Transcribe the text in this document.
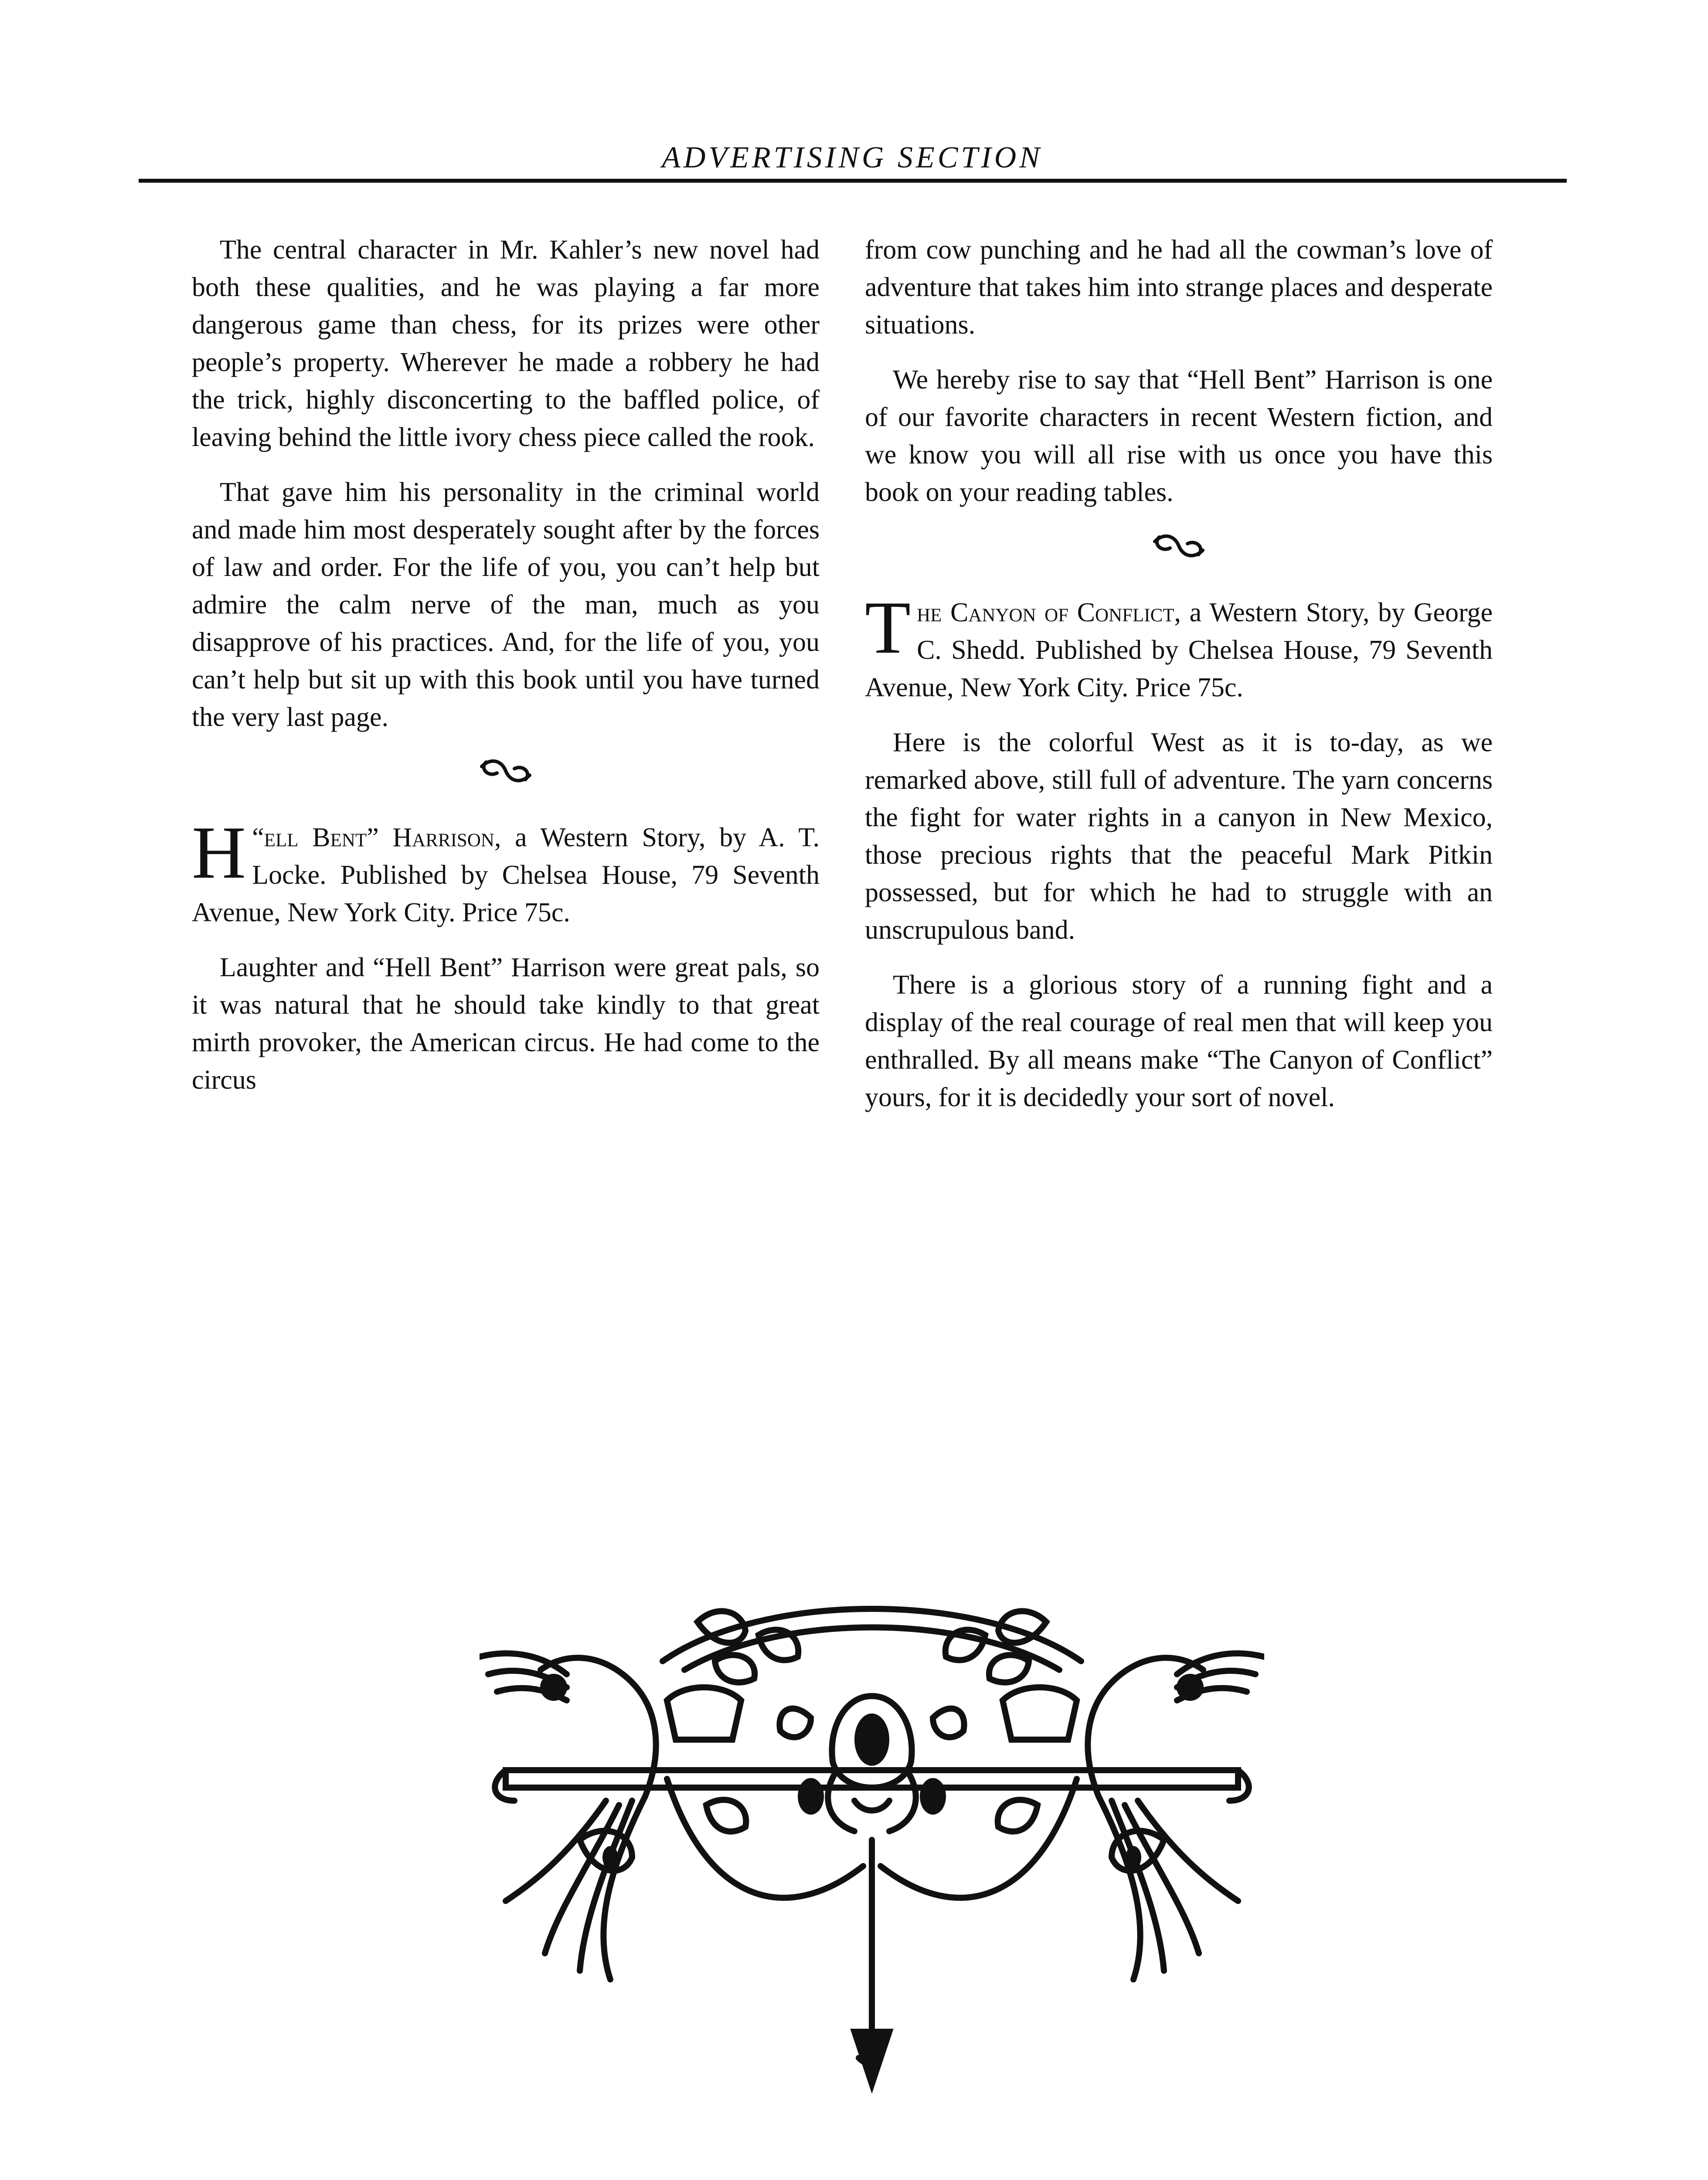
ADVERTISING SECTION

The central character in Mr. Kahler’s new novel had both these qualities, and he was playing a far more dangerous game than chess, for its prizes were other people’s property. Wherever he made a robbery he had the trick, highly disconcerting to the baffled police, of leaving behind the little ivory chess piece called the rook.

That gave him his personality in the criminal world and made him most desperately sought after by the forces of law and order. For the life of you, you can’t help but admire the calm nerve of the man, much as you disapprove of his practices. And, for the life of you, you can’t help but sit up with this book until you have turned the very last page.

“
H ell Bent” Harrison, a Western Story, by A. T. Locke. Published by Chelsea House, 79 Seventh Avenue, New York City. Price 75c.

Laughter and “Hell Bent” Harrison were great pals, so it was natural that he should take kindly to that great mirth provoker, the American circus. He had come to the circus

from cow punching and he had all the cowman’s love of adventure that takes him into strange places and desperate situations.

We hereby rise to say that “Hell Bent” Harrison is one of our favorite characters in recent Western fiction, and we know you will all rise with us once you have this book on your reading tables.

The Canyon of Conflict, a Western Story, by George C. Shedd. Published by Chelsea House, 79 Seventh Avenue, New York City. Price 75c.

Here is the colorful West as it is to-day, as we remarked above, still full of adventure. The yarn concerns the fight for water rights in a canyon in New Mexico, those precious rights that the peaceful Mark Pitkin possessed, but for which he had to struggle with an unscrupulous band.

There is a glorious story of a running fight and a display of the real courage of real men that will keep you enthralled. By all means make “The Canyon of Conflict” yours, for it is decidedly your sort of novel.
